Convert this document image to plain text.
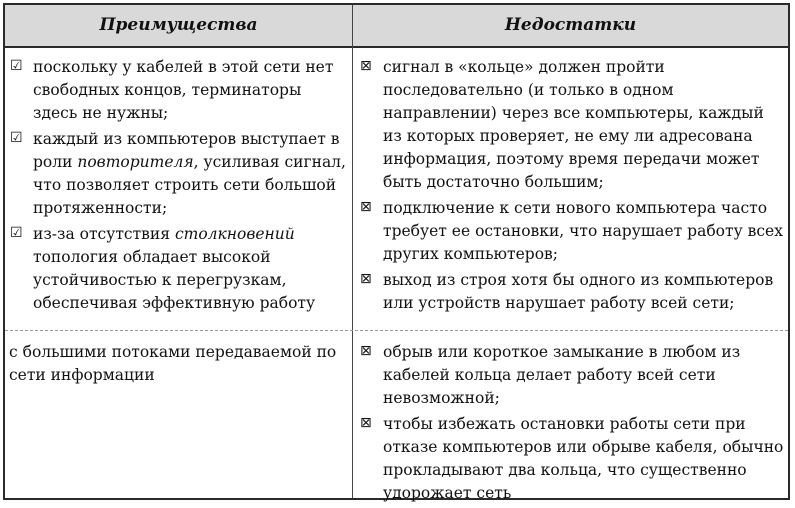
Преимущества	Недостатки
☑ поскольку у кабелей в этой сети нет свободных концов, терминаторы здесь не нужны;
☑ каждый из компьютеров выступает в роли повторителя, усиливая сигнал, что позволяет строить сети большой протяженности;
☑ из-за отсутствия столкновений топология обладает высокой устойчивостью к перегрузкам, обеспечивая эффективную работу
⊠ сигнал в «кольце» должен пройти последовательно (и только в одном направлении) через все компьютеры, каждый из которых проверяет, не ему ли адресована информация, поэтому время передачи может быть достаточно большим;
⊠ подключение к сети нового компьютера часто требует ее остановки, что нарушает работу всех других компьютеров;
⊠ выход из строя хотя бы одного из компьютеров или устройств нарушает работу всей сети;
с большими потоками передаваемой по сети информации
⊠ обрыв или короткое замыкание в любом из кабелей кольца делает работу всей сети невозможной;
⊠ чтобы избежать остановки работы сети при отказе компьютеров или обрыве кабеля, обычно прокладывают два кольца, что существенно удорожает сеть
